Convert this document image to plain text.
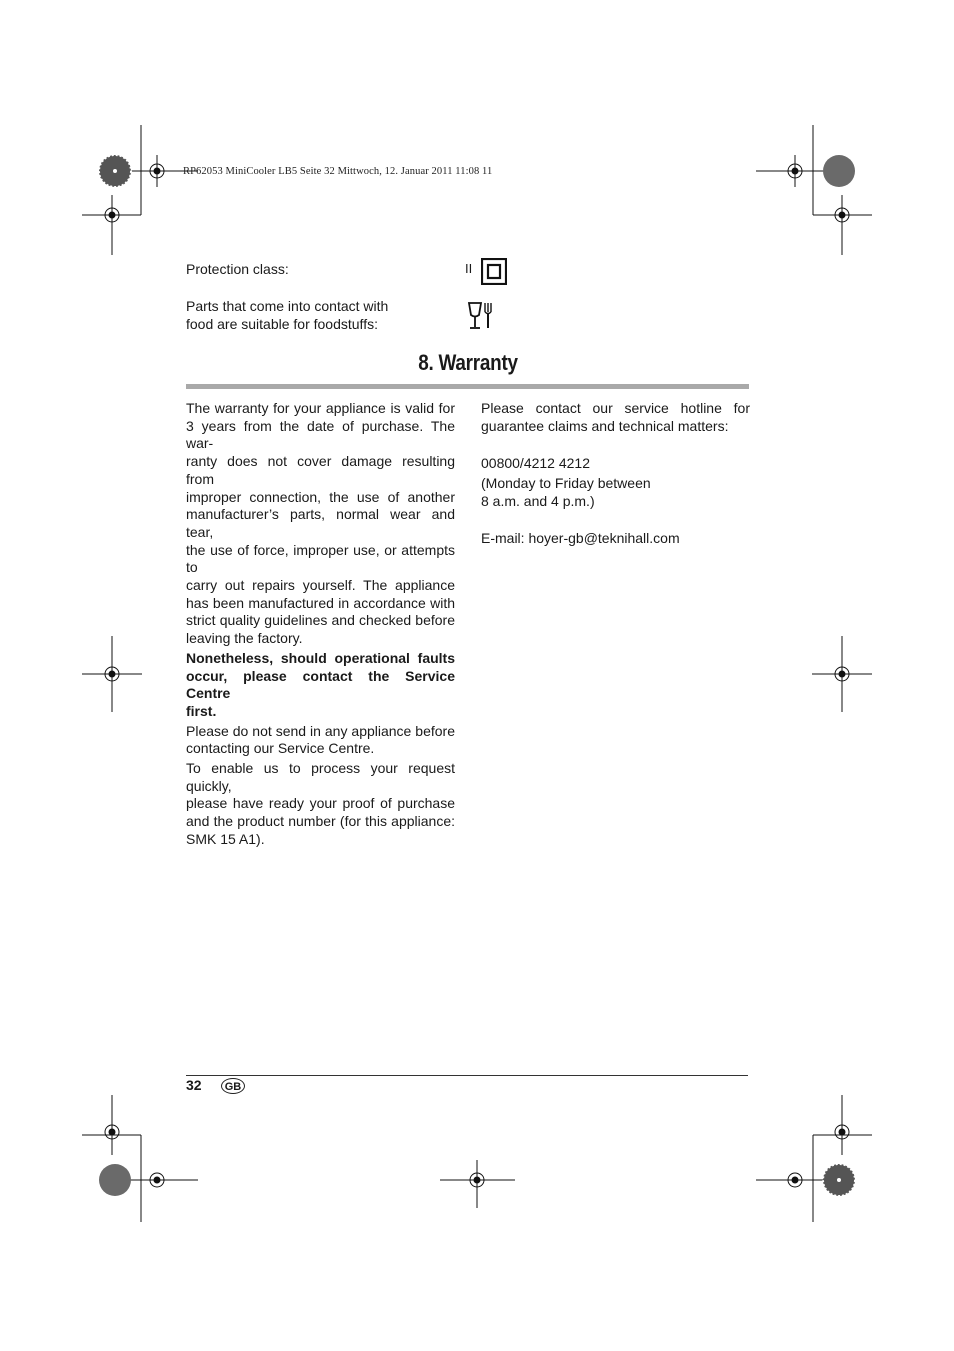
RP62053 MiniCooler LB5 Seite 32 Mittwoch, 12. Januar 2011 11:08 11
Protection class:	II
Parts that come into contact with
food are suitable for foodstuffs:
8. Warranty

The warranty for your appliance is valid for
3 years from the date of purchase. The war-
ranty does not cover damage resulting from
improper connection, the use of another
manufacturer’s parts, normal wear and tear,
the use of force, improper use, or attempts to
carry out repairs yourself. The appliance
has been manufactured in accordance with
strict quality guidelines and checked before
leaving the factory.

Nonetheless, should operational faults
occur, please contact the Service Centre
first.

Please do not send in any appliance before
contacting our Service Centre.

To enable us to process your request quickly,
please have ready your proof of purchase
and the product number (for this appliance:
SMK 15 A1).

Please contact our service hotline for

guarantee claims and technical matters:

00800/4212 4212

(Monday to Friday between

8 a.m. and 4 p.m.)

E-mail: hoyer-gb@teknihall.com

32	GB
